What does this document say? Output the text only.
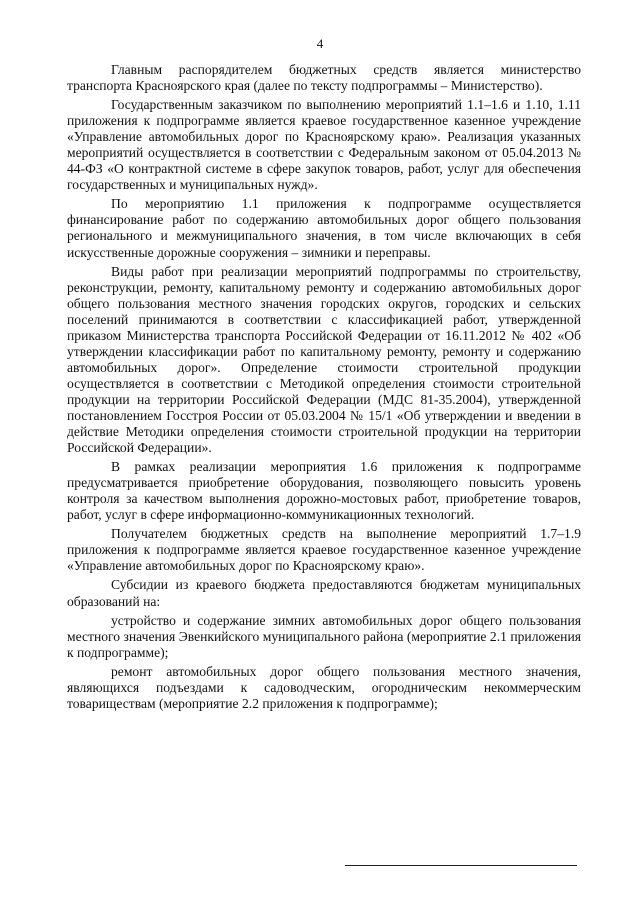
4

Главным распорядителем бюджетных средств является министерство транспорта Красноярского края (далее по тексту подпрограммы – Министерство).

Государственным заказчиком по выполнению мероприятий 1.1–1.6 и 1.10, 1.11 приложения к подпрограмме является краевое государственное казенное учреждение «Управление автомобильных дорог по Красноярскому краю». Реализация указанных мероприятий осуществляется в соответствии с Федеральным законом от 05.04.2013 № 44-ФЗ «О контрактной системе в сфере закупок товаров, работ, услуг для обеспечения государственных и муниципальных нужд».

По мероприятию 1.1 приложения к подпрограмме осуществляется финансирование работ по содержанию автомобильных дорог общего пользования регионального и межмуниципального значения, в том числе включающих в себя искусственные дорожные сооружения – зимники и переправы.

Виды работ при реализации мероприятий подпрограммы по строительству, реконструкции, ремонту, капитальному ремонту и содержанию автомобильных дорог общего пользования местного значения городских округов, городских и сельских поселений принимаются в соответствии с классификацией работ, утвержденной приказом Министерства транспорта Российской Федерации от 16.11.2012 № 402 «Об утверждении классификации работ по капитальному ремонту, ремонту и содержанию автомобильных дорог». Определение стоимости строительной продукции осуществляется в соответствии с Методикой определения стоимости строительной продукции на территории Российской Федерации (МДС 81-35.2004), утвержденной постановлением Госстроя России от 05.03.2004 № 15/1 «Об утверждении и введении в действие Методики определения стоимости строительной продукции на территории Российской Федерации».

В рамках реализации мероприятия 1.6 приложения к подпрограмме предусматривается приобретение оборудования, позволяющего повысить уровень контроля за качеством выполнения дорожно-мостовых работ, приобретение товаров, работ, услуг в сфере информационно-коммуникационных технологий.

Получателем бюджетных средств на выполнение мероприятий 1.7–1.9 приложения к подпрограмме является краевое государственное казенное учреждение «Управление автомобильных дорог по Красноярскому краю».

Субсидии из краевого бюджета предоставляются бюджетам муниципальных образований на:

устройство и содержание зимних автомобильных дорог общего пользования местного значения Эвенкийского муниципального района (мероприятие 2.1 приложения к подпрограмме);

ремонт автомобильных дорог общего пользования местного значения, являющихся подъездами к садоводческим, огородническим некоммерческим товариществам (мероприятие 2.2 приложения к подпрограмме);
